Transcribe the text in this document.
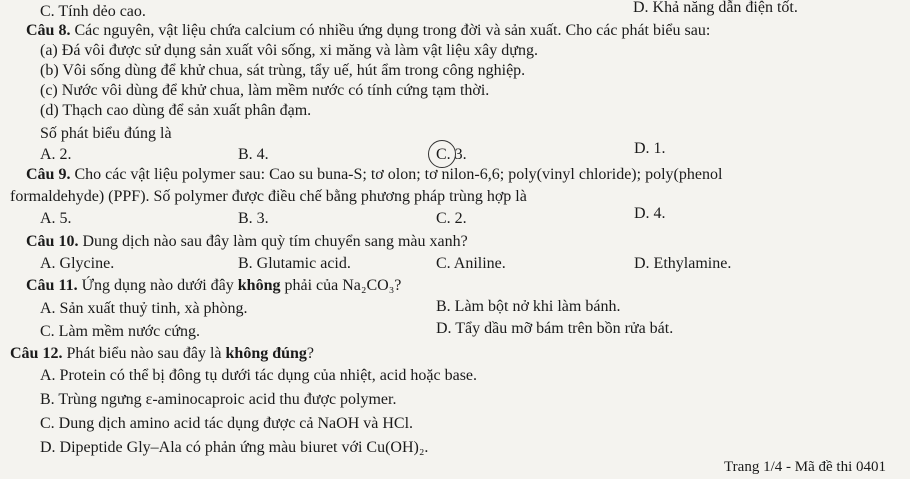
C. Tính dẻo cao.	D. Khả năng dẫn điện tốt.
Câu 8. Các nguyên, vật liệu chứa calcium có nhiều ứng dụng trong đời và sản xuất. Cho các phát biểu sau:
(a) Đá vôi được sử dụng sản xuất vôi sống, xi măng và làm vật liệu xây dựng.
(b) Vôi sống dùng để khử chua, sát trùng, tẩy uế, hút ẩm trong công nghiệp.
(c) Nước vôi dùng để khử chua, làm mềm nước có tính cứng tạm thời.
(d) Thạch cao dùng để sản xuất phân đạm.
Số phát biểu đúng là
A. 2.	B. 4.	C. 3.	D. 1.
Câu 9. Cho các vật liệu polymer sau: Cao su buna-S; tơ olon; tơ nilon-6,6; poly(vinyl chloride); poly(phenol
formaldehyde) (PPF). Số polymer được điều chế bằng phương pháp trùng hợp là
A. 5.	B. 3.	C. 2.	D. 4.
Câu 10. Dung dịch nào sau đây làm quỳ tím chuyển sang màu xanh?
A. Glycine.	B. Glutamic acid.	C. Aniline.	D. Ethylamine.
Câu 11. Ứng dụng nào dưới đây không phải của Na₂CO₃?
A. Sản xuất thuỷ tinh, xà phòng.	B. Làm bột nở khi làm bánh.
C. Làm mềm nước cứng.	D. Tẩy dầu mỡ bám trên bồn rửa bát.
Câu 12. Phát biểu nào sau đây là không đúng?
A. Protein có thể bị đông tụ dưới tác dụng của nhiệt, acid hoặc base.
B. Trùng ngưng ε-aminocaproic acid thu được polymer.
C. Dung dịch amino acid tác dụng được cả NaOH và HCl.
D. Dipeptide Gly–Ala có phản ứng màu biuret với Cu(OH)₂.
Trang 1/4 - Mã đề thi 0401
